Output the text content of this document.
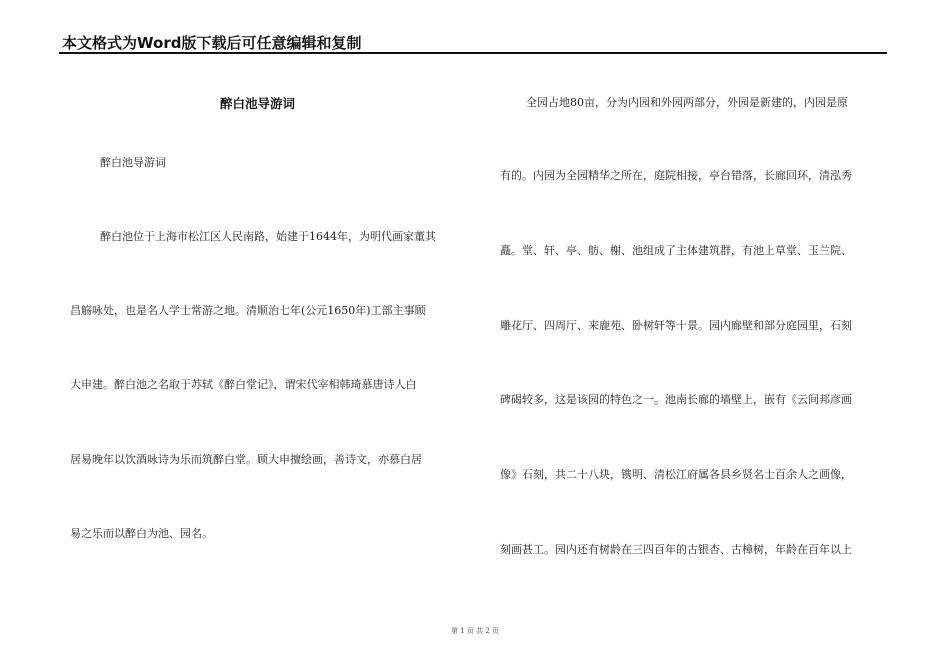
本文格式为Word版下载后可任意编辑和复制
醉白池导游词
醉白池导游词
醉白池位于上海市松江区人民南路，始建于1644年，为明代画家董其
昌觞咏处，也是名人学士常游之地。清顺治七年(公元1650年)工部主事顾
大申建。醉白池之名取于苏轼《醉白堂记》，谓宋代宰相韩琦慕唐诗人白
居易晚年以饮酒咏诗为乐而筑醉白堂。顾大申擅绘画，善诗文，亦慕白居
易之乐而以醉白为池、园名。
全园占地80亩，分为内园和外园两部分，外园是新建的，内园是原
有的。内园为全园精华之所在，庭院相接，亭台错落，长廊回环，清泓秀
矗。堂、轩、亭、舫、榭、池组成了主体建筑群，有池上草堂、玉兰院、
雕花厅、四周厅、来鹿苑、卧树轩等十景。园内廊壁和部分庭园里，石刻
碑碣较多，这是该园的特色之一。池南长廊的墙壁上，嵌有《云间邦彦画
像》石刻，共二十八块，镌明、清松江府属各县乡贤名士百余人之画像，
刻画甚工。园内还有树龄在三四百年的古银杏、古樟树，年龄在百年以上
第 1 页 共 2 页
